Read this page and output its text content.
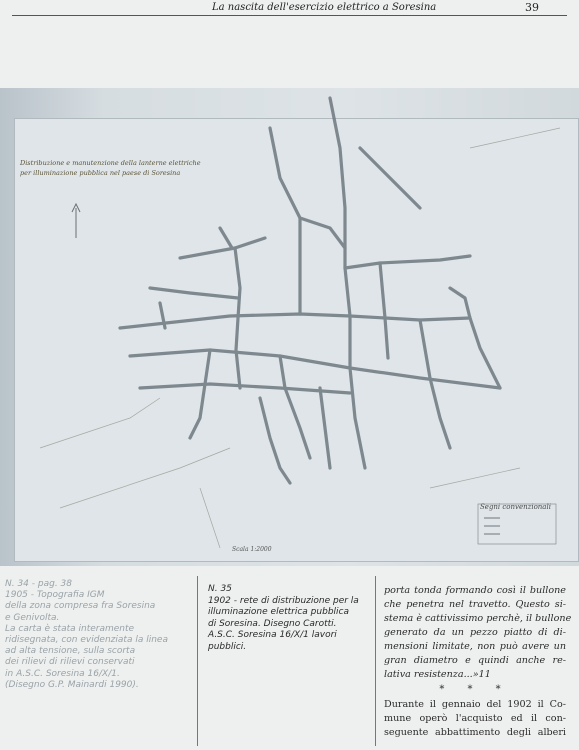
La nascita dell'esercizio elettrico a Soresina	39
Distribuzione e manutenzione della lanterne elettriche
per illuminazione pubblica nel paese di Soresina
Segni convenzionali
Scala 1:2000
N. 34 - pag. 38
1905 - Topografia IGM
della zona compresa fra Soresina
e Genivolta.
La carta è stata interamente
ridisegnata, con evidenziata la linea
ad alta tensione, sulla scorta
dei rilievi di rilievi conservati
in A.S.C. Soresina 16/X/1.
(Disegno G.P. Mainardi 1990).
N. 35
1902 - rete di distribuzione per la
illuminazione elettrica pubblica
di Soresina. Disegno Carotti.
A.S.C. Soresina 16/X/1 lavori
pubblici.
porta tonda formando così il bullone
che penetra nel travetto. Questo si-
stema è cattivissimo perchè, il bullone
generato da un pezzo piatto di di-
mensioni limitate, non può avere un
gran diametro e quindi anche re-
lativa resistenza...»11
* * *
Durante il gennaio del 1902 il Co-
mune operò l'acquisto ed il con-
seguente abbattimento degli alberi
